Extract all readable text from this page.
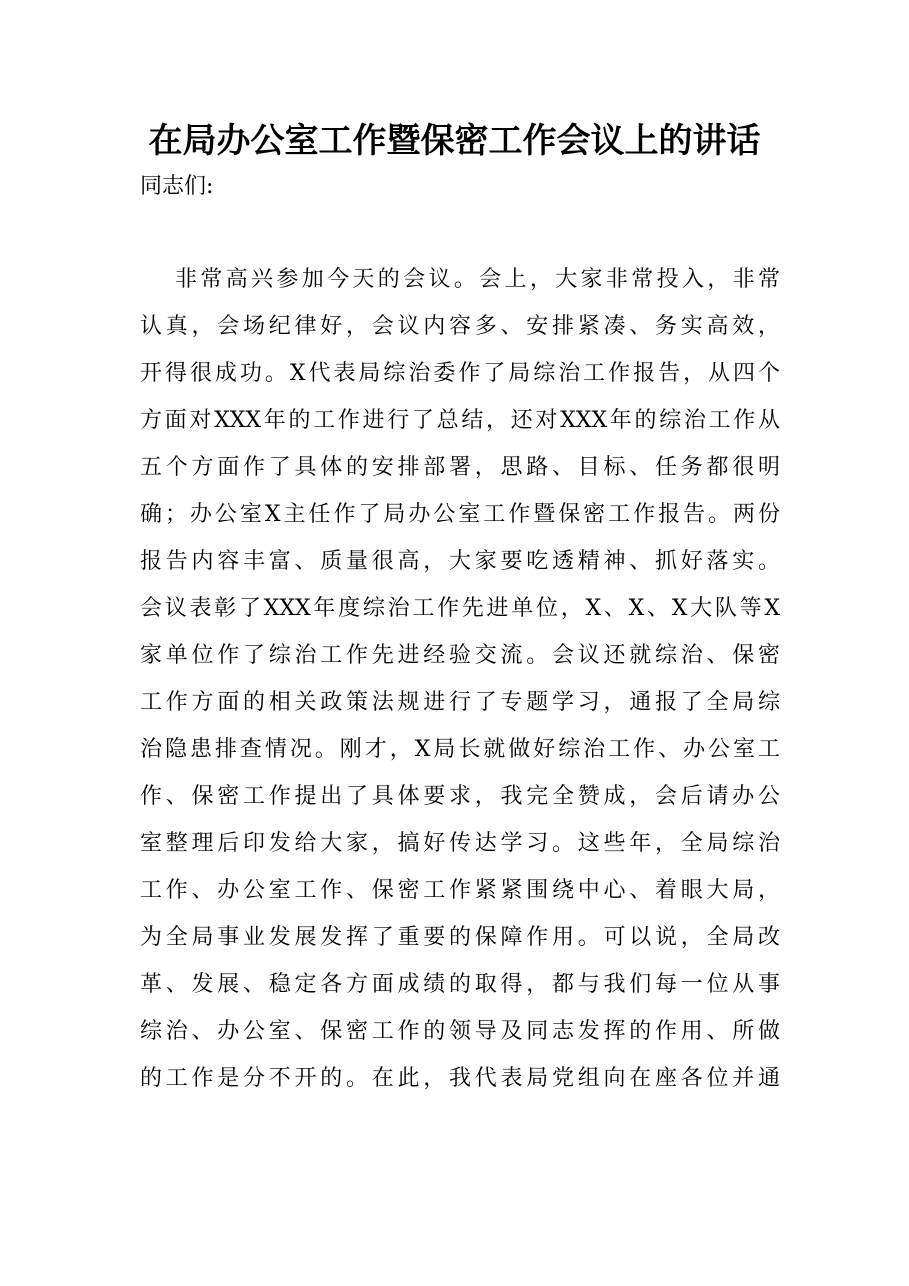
在局办公室工作暨保密工作会议上的讲话
同志们:
非常高兴参加今天的会议。会上，大家非常投入，非常
认真，会场纪律好，会议内容多、安排紧凑、务实高效，
开得很成功。X代表局综治委作了局综治工作报告，从四个
方面对XXX年的工作进行了总结，还对XXX年的综治工作从
五个方面作了具体的安排部署，思路、目标、任务都很明
确；办公室X主任作了局办公室工作暨保密工作报告。两份
报告内容丰富、质量很高，大家要吃透精神、抓好落实。
会议表彰了XXX年度综治工作先进单位，X、X、X大队等X
家单位作了综治工作先进经验交流。会议还就综治、保密
工作方面的相关政策法规进行了专题学习，通报了全局综
治隐患排查情况。刚才，X局长就做好综治工作、办公室工
作、保密工作提出了具体要求，我完全赞成，会后请办公
室整理后印发给大家，搞好传达学习。这些年，全局综治
工作、办公室工作、保密工作紧紧围绕中心、着眼大局，
为全局事业发展发挥了重要的保障作用。可以说，全局改
革、发展、稳定各方面成绩的取得，都与我们每一位从事
综治、办公室、保密工作的领导及同志发挥的作用、所做
的工作是分不开的。在此，我代表局党组向在座各位并通
